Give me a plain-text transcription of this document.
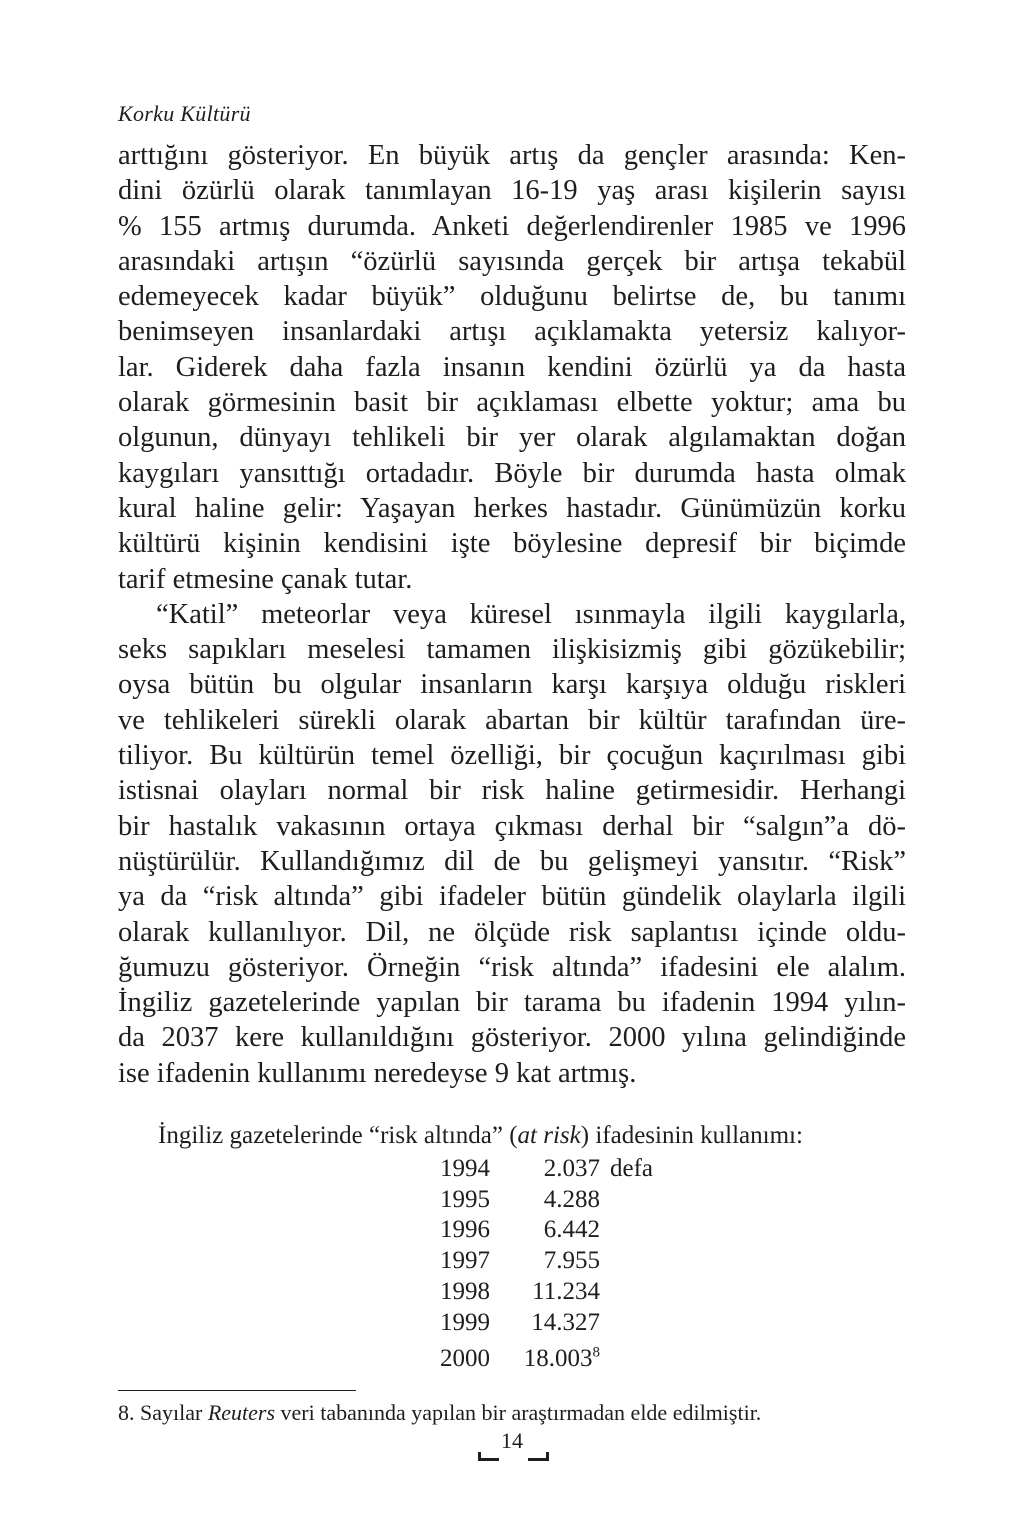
Korku Kültürü
arttığını gösteriyor. En büyük artış da gençler arasında: Ken-
dini özürlü olarak tanımlayan 16-19 yaş arası kişilerin sayısı
% 155 artmış durumda. Anketi değerlendirenler 1985 ve 1996
arasındaki artışın “özürlü sayısında gerçek bir artışa tekabül
edemeyecek kadar büyük” olduğunu belirtse de, bu tanımı
benimseyen insanlardaki artışı açıklamakta yetersiz kalıyor-
lar. Giderek daha fazla insanın kendini özürlü ya da hasta
olarak görmesinin basit bir açıklaması elbette yoktur; ama bu
olgunun, dünyayı tehlikeli bir yer olarak algılamaktan doğan
kaygıları yansıttığı ortadadır. Böyle bir durumda hasta olmak
kural haline gelir: Yaşayan herkes hastadır. Günümüzün korku
kültürü kişinin kendisini işte böylesine depresif bir biçimde
tarif etmesine çanak tutar.
“Katil” meteorlar veya küresel ısınmayla ilgili kaygılarla,
seks sapıkları meselesi tamamen ilişkisizmiş gibi gözükebilir;
oysa bütün bu olgular insanların karşı karşıya olduğu riskleri
ve tehlikeleri sürekli olarak abartan bir kültür tarafından üre-
tiliyor. Bu kültürün temel özelliği, bir çocuğun kaçırılması gibi
istisnai olayları normal bir risk haline getirmesidir. Herhangi
bir hastalık vakasının ortaya çıkması derhal bir “salgın”a dö-
nüştürülür. Kullandığımız dil de bu gelişmeyi yansıtır. “Risk”
ya da “risk altında” gibi ifadeler bütün gündelik olaylarla ilgili
olarak kullanılıyor. Dil, ne ölçüde risk saplantısı içinde oldu-
ğumuzu gösteriyor. Örneğin “risk altında” ifadesini ele alalım.
İngiliz gazetelerinde yapılan bir tarama bu ifadenin 1994 yılın-
da 2037 kere kullanıldığını gösteriyor. 2000 yılına gelindiğinde
ise ifadenin kullanımı neredeyse 9 kat artmış.
İngiliz gazetelerinde “risk altında” (at risk) ifadesinin kullanımı:
1994	2.037	defa
1995	4.288	
1996	6.442	
1997	7.955	
1998	11.234	
1999	14.327	
2000	18.003$^8$	
8. Sayılar Reuters veri tabanında yapılan bir araştırmadan elde edilmiştir.
14
